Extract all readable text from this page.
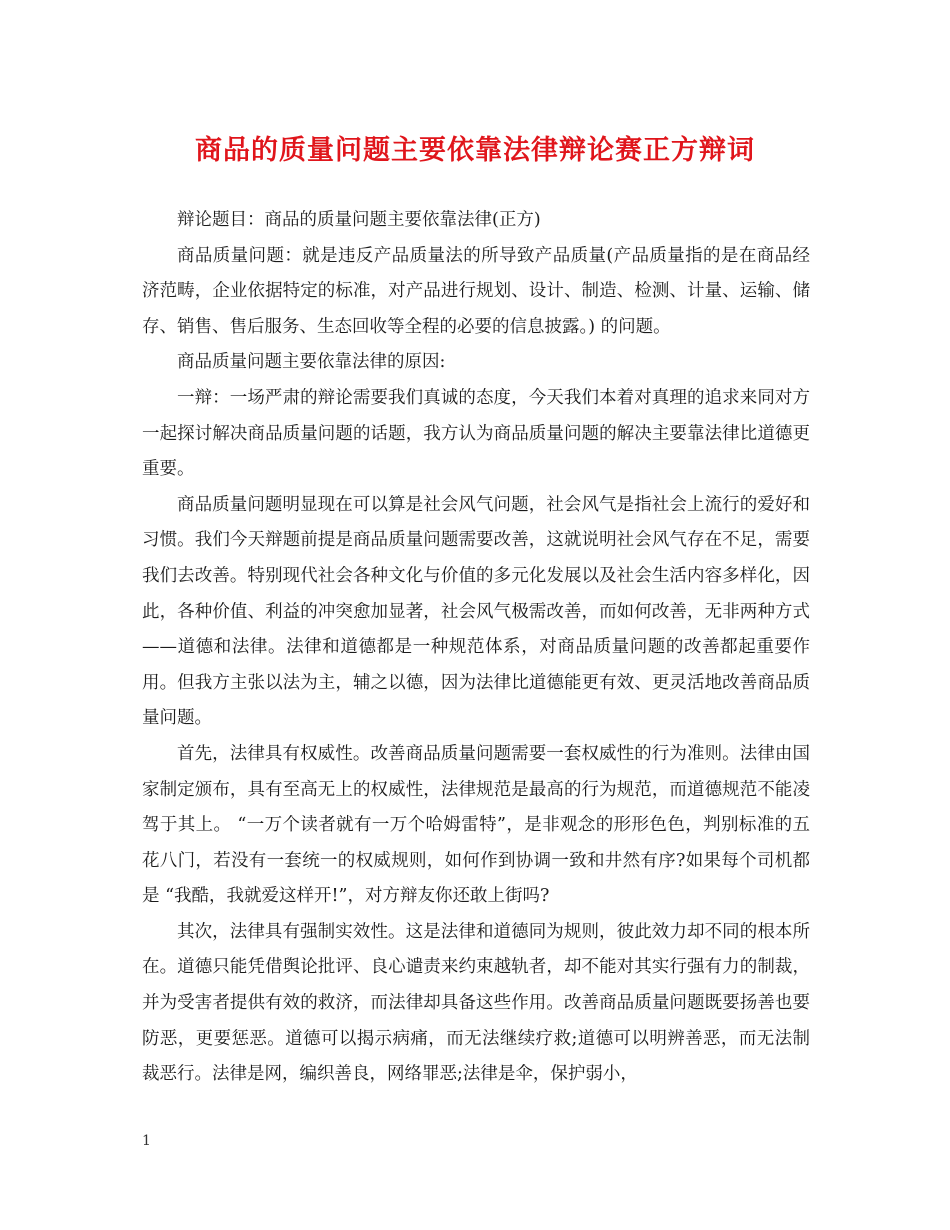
商品的质量问题主要依靠法律辩论赛正方辩词

辩论题目：商品的质量问题主要依靠法律(正方)

商品质量问题：就是违反产品质量法的所导致产品质量(产品质量指的是在商品经济范畴，企业依据特定的标准，对产品进行规划、设计、制造、检测、计量、运输、储存、销售、售后服务、生态回收等全程的必要的信息披露。) 的问题。

商品质量问题主要依靠法律的原因:

一辩：一场严肃的辩论需要我们真诚的态度，今天我们本着对真理的追求来同对方一起探讨解决商品质量问题的话题，我方认为商品质量问题的解决主要靠法律比道德更重要。

商品质量问题明显现在可以算是社会风气问题，社会风气是指社会上流行的爱好和习惯。我们今天辩题前提是商品质量问题需要改善，这就说明社会风气存在不足，需要我们去改善。特别现代社会各种文化与价值的多元化发展以及社会生活内容多样化，因此，各种价值、利益的冲突愈加显著，社会风气极需改善，而如何改善，无非两种方式——道德和法律。法律和道德都是一种规范体系，对商品质量问题的改善都起重要作用。但我方主张以法为主，辅之以德，因为法律比道德能更有效、更灵活地改善商品质量问题。

首先，法律具有权威性。改善商品质量问题需要一套权威性的行为准则。法律由国家制定颁布，具有至高无上的权威性，法律规范是最高的行为规范，而道德规范不能凌驾于其上。 “一万个读者就有一万个哈姆雷特”，是非观念的形形色色，判别标准的五花八门，若没有一套统一的权威规则，如何作到协调一致和井然有序?如果每个司机都是 “我酷，我就爱这样开!”，对方辩友你还敢上街吗?

其次，法律具有强制实效性。这是法律和道德同为规则，彼此效力却不同的根本所在。道德只能凭借舆论批评、良心谴责来约束越轨者，却不能对其实行强有力的制裁，并为受害者提供有效的救济，而法律却具备这些作用。改善商品质量问题既要扬善也要防恶，更要惩恶。道德可以揭示病痛，而无法继续疗救;道德可以明辨善恶，而无法制裁恶行。法律是网，编织善良，网络罪恶;法律是伞，保护弱小，

1
